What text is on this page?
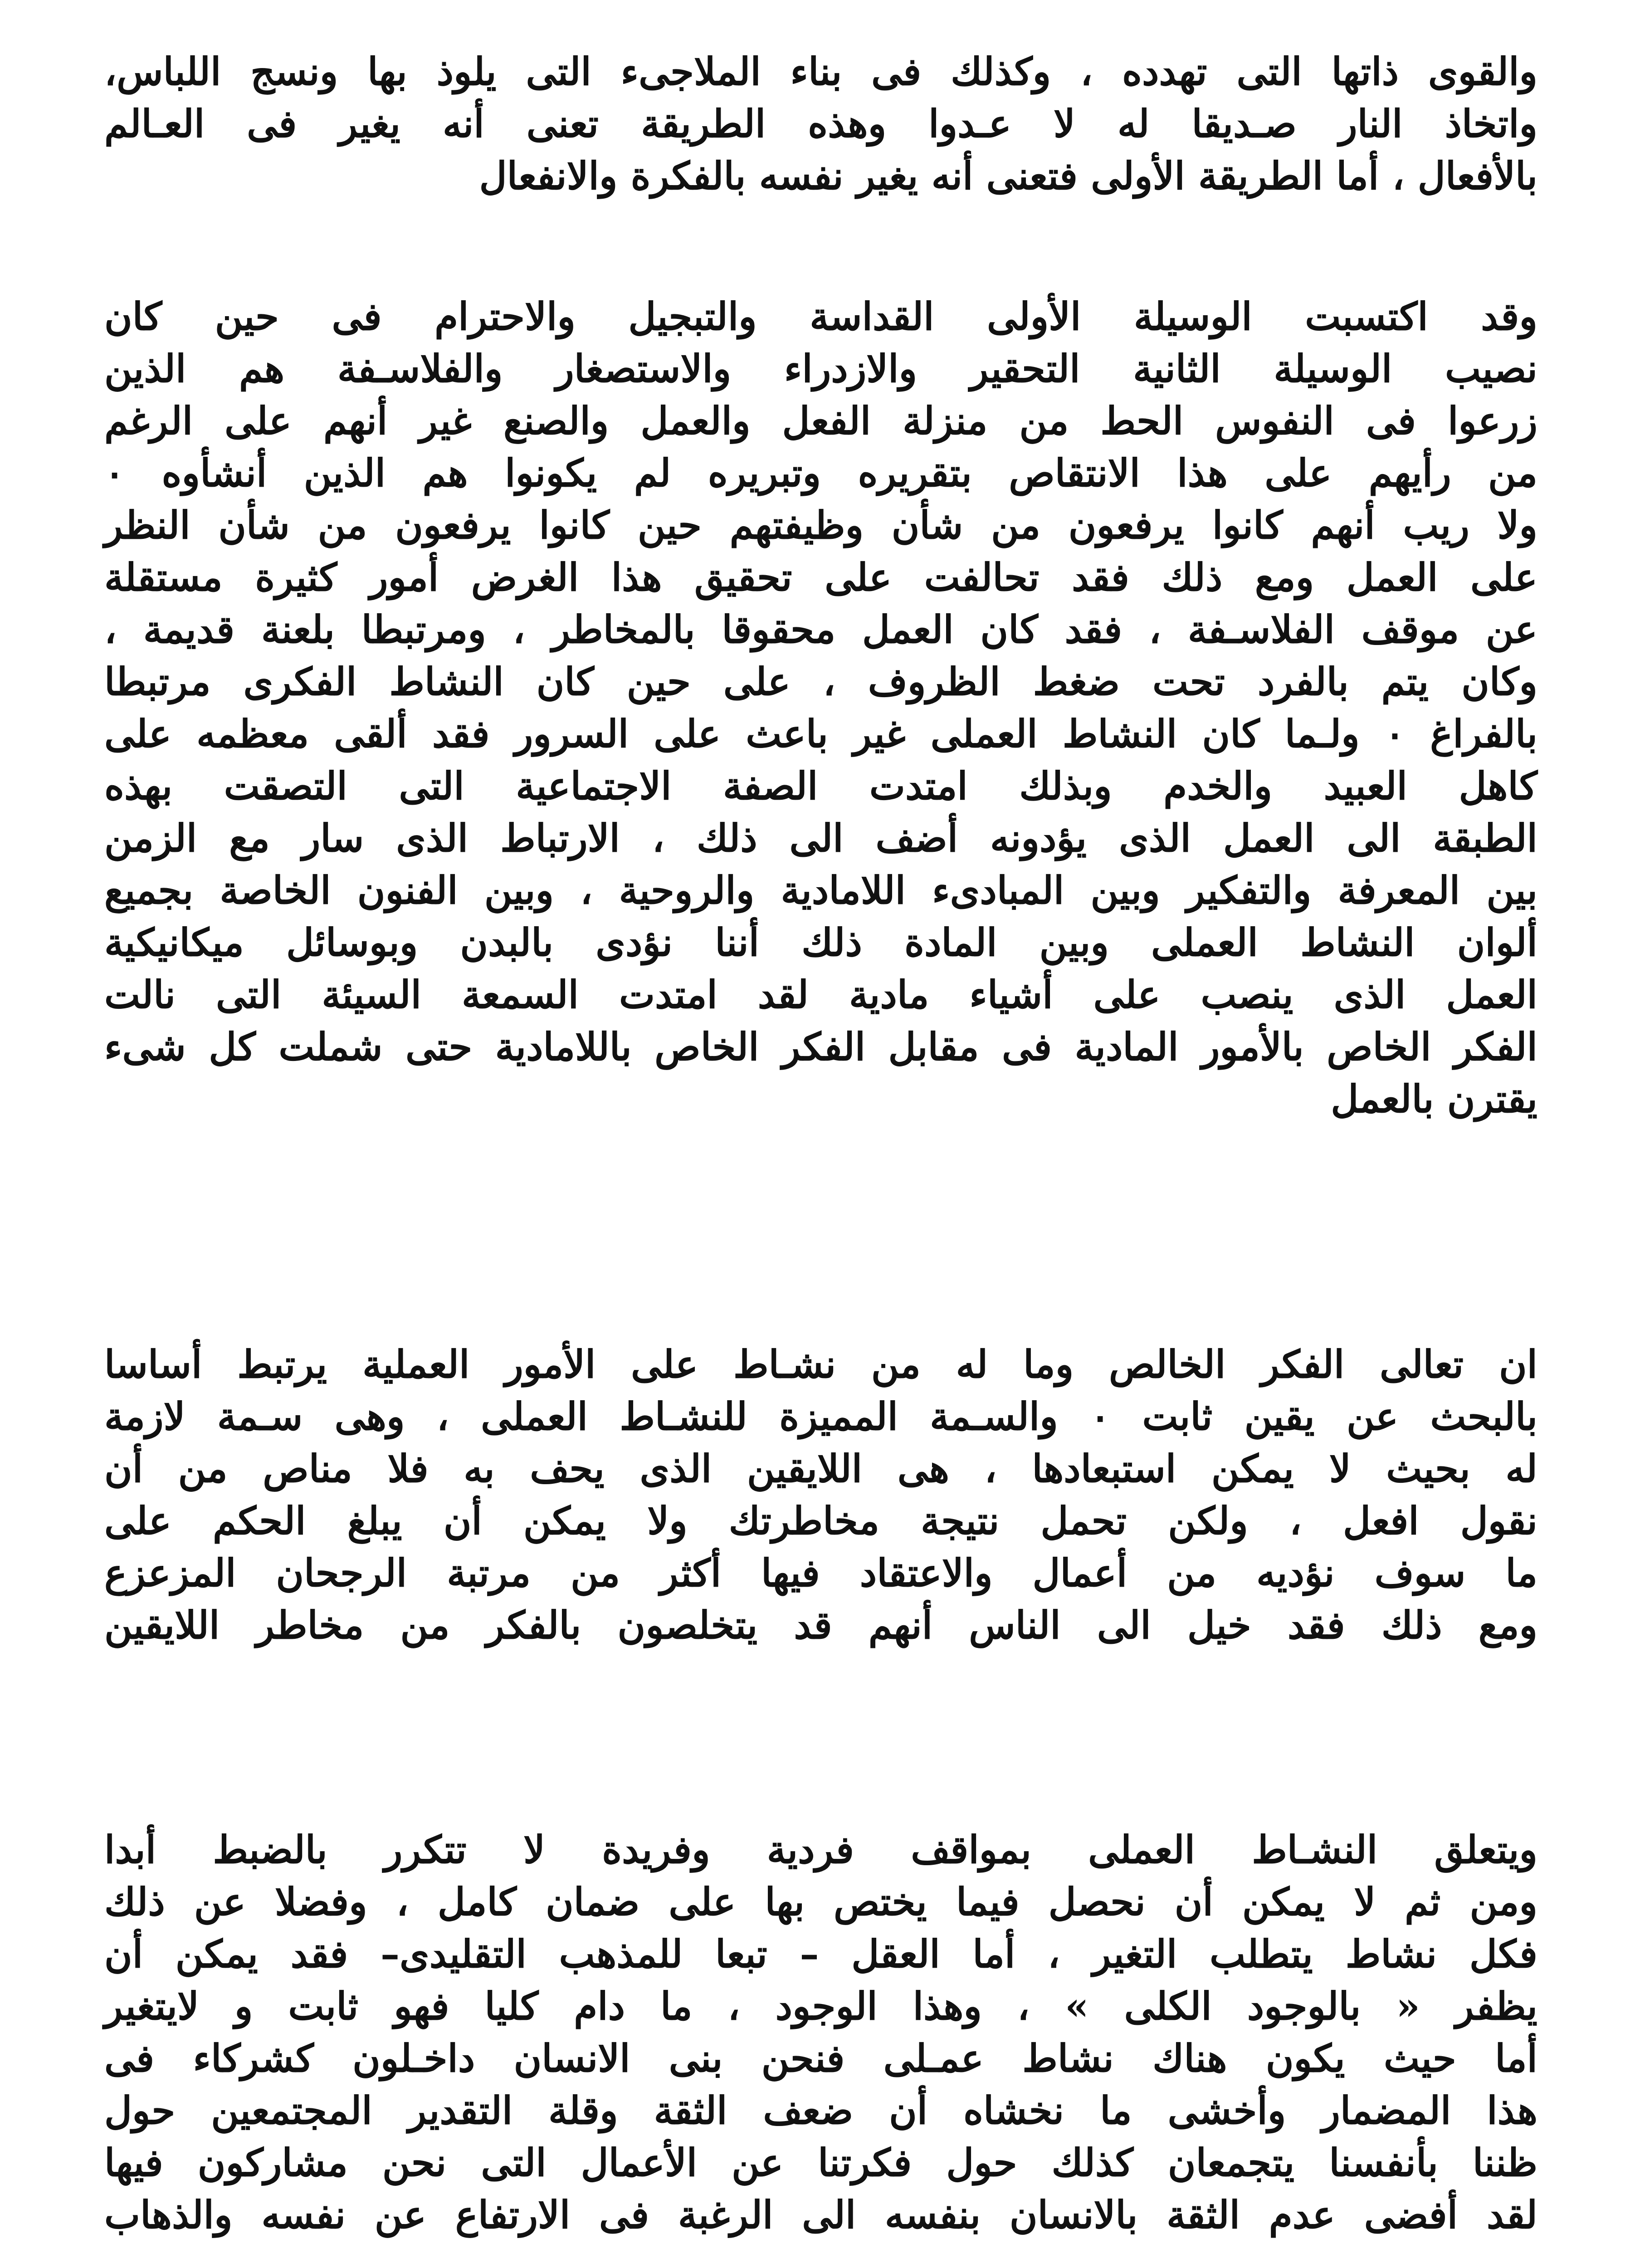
والقوى ذاتها التى تهدده ، وكذلك فى بناء الملاجىء التى يلوذ بها ونسج اللباس،
واتخاذ النار صـديقا له لا عـدوا وهذه الطريقة تعنى أنه يغير فى العـالم
بالأفعال ، أما الطريقة الأولى فتعنى أنه يغير نفسه بالفكرة والانفعال
وقد اكتسبت الوسيلة الأولى القداسة والتبجيل والاحترام فى حين كان
نصيب الوسيلة الثانية التحقير والازدراء والاستصغار والفلاسـفة هم الذين
زرعوا فى النفوس الحط من منزلة الفعل والعمل والصنع غير أنهم على الرغم
من رأيهم على هذا الانتقاص بتقريره وتبريره لم يكونوا هم الذين أنشأوه ٠
ولا ريب أنهم كانوا يرفعون من شأن وظيفتهم حين كانوا يرفعون من شأن النظر
على العمل ومع ذلك فقد تحالفت على تحقيق هذا الغرض أمور كثيرة مستقلة
عن موقف الفلاسـفة ، فقد كان العمل محقوقا بالمخاطر ، ومرتبطا بلعنة قديمة ،
وكان يتم بالفرد تحت ضغط الظروف ، على حين كان النشاط الفكرى مرتبطا
بالفراغ ٠ ولـما كان النشاط العملى غير باعث على السرور فقد ألقى معظمه على
كاهل العبيد والخدم وبذلك امتدت الصفة الاجتماعية التى التصقت بهذه
الطبقة الى العمل الذى يؤدونه أضف الى ذلك ، الارتباط الذى سار مع الزمن
بين المعرفة والتفكير وبين المبادىء اللامادية والروحية ، وبين الفنون الخاصة بجميع
ألوان النشاط العملى وبين المادة ذلك أننا نؤدى بالبدن وبوسائل ميكانيكية
العمل الذى ينصب على أشياء مادية لقد امتدت السمعة السيئة التى نالت
الفكر الخاص بالأمور المادية فى مقابل الفكر الخاص باللامادية حتى شملت كل شىء
يقترن بالعمل
ان تعالى الفكر الخالص وما له من نشـاط على الأمور العملية يرتبط أساسا
بالبحث عن يقين ثابت ٠ والسـمة المميزة للنشـاط العملى ، وهى سـمة لازمة
له بحيث لا يمكن استبعادها ، هى اللايقين الذى يحف به فلا مناص من أن
نقول افعل ، ولكن تحمل نتيجة مخاطرتك ولا يمكن أن يبلغ الحكم على
ما سوف نؤديه من أعمال والاعتقاد فيها أكثر من مرتبة الرجحان المزعزع
ومع ذلك فقد خيل الى الناس أنهم قد يتخلصون بالفكر من مخاطر اللايقين
ويتعلق النشـاط العملى بمواقف فردية وفريدة لا تتكرر بالضبط أبدا
ومن ثم لا يمكن أن نحصل فيما يختص بها على ضمان كامل ، وفضلا عن ذلك
فكل نشاط يتطلب التغير ، أما العقل – تبعا للمذهب التقليدى– فقد يمكن أن
يظفر « بالوجود الكلى » ، وهذا الوجود ، ما دام كليا فهو ثابت و لايتغير
أما حيث يكون هناك نشاط عمـلى فنحن بنى الانسان داخـلون كشركاء فى
هذا المضمار وأخشى ما نخشاه أن ضعف الثقة وقلة التقدير المجتمعين حول
ظننا بأنفسنا يتجمعان كذلك حول فكرتنا عن الأعمال التى نحن مشاركون فيها
لقد أفضى عدم الثقة بالانسان بنفسه الى الرغبة فى الارتفاع عن نفسه والذهاب
